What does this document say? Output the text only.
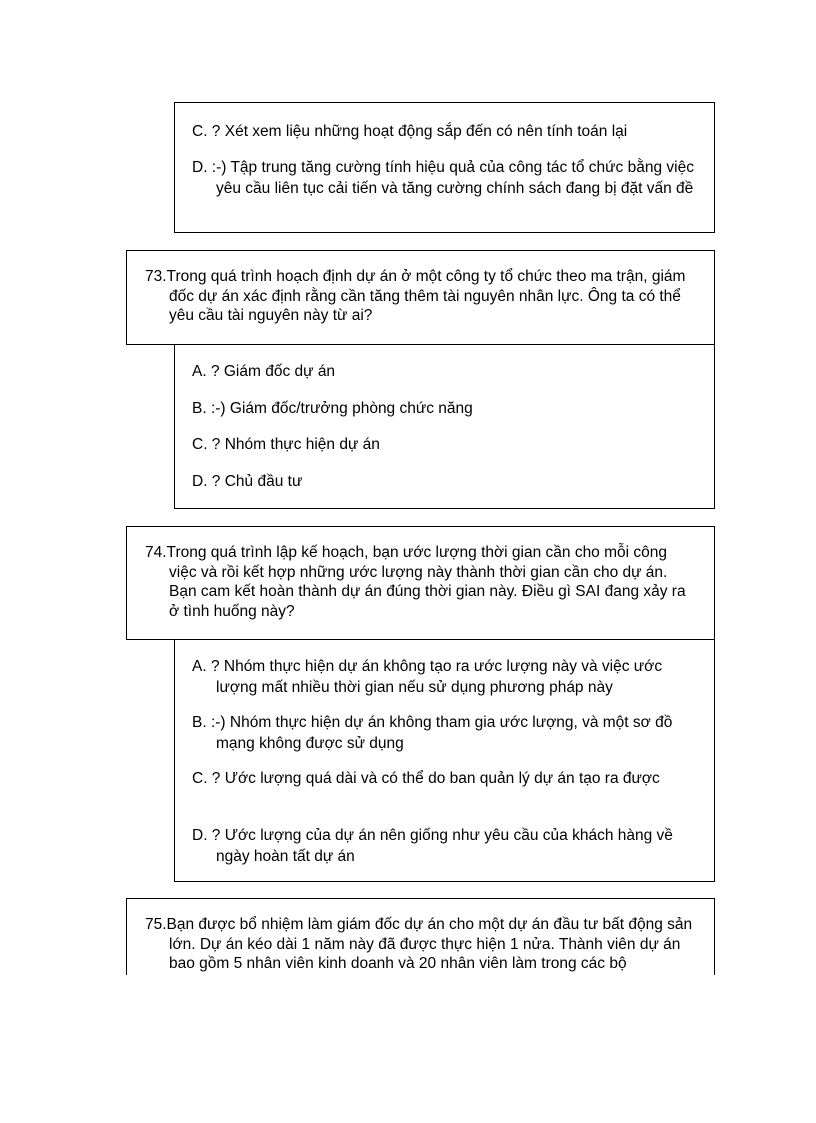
C. ? Xét xem liệu những hoạt động sắp đến có nên tính toán lại
D. :-) Tập trung tăng cường tính hiệu quả của công tác tổ chức bằng việc yêu cầu liên tục cải tiến và tăng cường chính sách đang bị đặt vấn đề

73.Trong quá trình hoạch định dự án ở một công ty tổ chức theo ma trận, giám đốc dự án xác định rằng cần tăng thêm tài nguyên nhân lực. Ông ta có thể yêu cầu tài nguyên này từ ai?

A. ? Giám đốc dự án
B. :-) Giám đốc/trưởng phòng chức năng
C. ? Nhóm thực hiện dự án
D. ? Chủ đầu tư

74.Trong quá trình lập kế hoạch, bạn ước lượng thời gian cần cho mỗi công việc và rồi kết hợp những ước lượng này thành thời gian cần cho dự án. Bạn cam kết hoàn thành dự án đúng thời gian này. Điều gì SAI đang xảy ra ở tình huống này?

A. ? Nhóm thực hiện dự án không tạo ra ước lượng này và việc ước lượng mất nhiều thời gian nếu sử dụng phương pháp này
B. :-) Nhóm thực hiện dự án không tham gia ước lượng, và một sơ đồ mạng không được sử dụng
C. ? Ước lượng quá dài và có thể do ban quản lý dự án tạo ra được
D. ? Ước lượng của dự án nên giống như yêu cầu của khách hàng về ngày hoàn tất dự án

75.Bạn được bổ nhiệm làm giám đốc dự án cho một dự án đầu tư bất động sản lớn. Dự án kéo dài 1 năm này đã được thực hiện 1 nửa. Thành viên dự án bao gồm 5 nhân viên kinh doanh và 20 nhân viên làm trong các bộ
